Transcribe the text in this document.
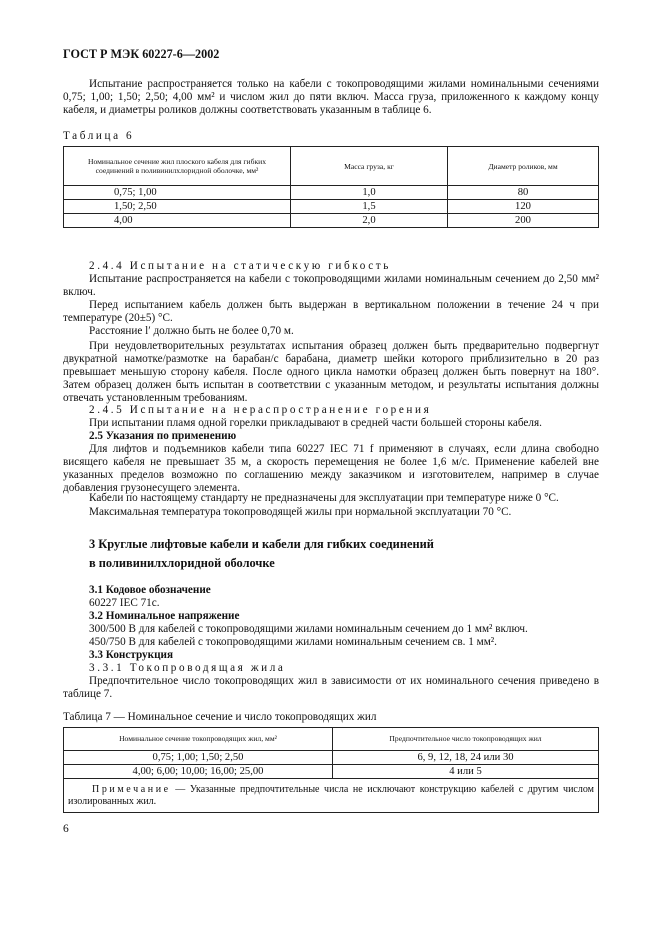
ГОСТ Р МЭК 60227-6—2002
Испытание распространяется только на кабели с токопроводящими жилами номинальными сечениями 0,75; 1,00; 1,50; 2,50; 4,00 мм² и числом жил до пяти включ. Масса груза, приложенного к каждому концу кабеля, и диаметры роликов должны соответствовать указанным в таблице 6.
Таблица 6
Номинальное сечение жил плоского кабеля для гибких соединений в поливинилхлоридной оболочке, мм²	Масса груза, кг	Диаметр роликов, мм
0,75; 1,00	1,0	80
1,50; 2,50	1,5	120
4,00	2,0	200
2.4.4 Испытание на статическую гибкость
Испытание распространяется на кабели с токопроводящими жилами номинальным сечением до 2,50 мм² включ.
Перед испытанием кабель должен быть выдержан в вертикальном положении в течение 24 ч при температуре (20±5) °С.
Расстояние l′ должно быть не более 0,70 м.
При неудовлетворительных результатах испытания образец должен быть предварительно подвергнут двукратной намотке/размотке на барабан/с барабана, диаметр шейки которого приблизительно в 20 раз превышает меньшую сторону кабеля. После одного цикла намотки образец должен быть повернут на 180°. Затем образец должен быть испытан в соответствии с указанным методом, и результаты испытания должны отвечать установленным требованиям.
2.4.5 Испытание на нераспространение горения
При испытании пламя одной горелки прикладывают в средней части большей стороны кабеля.
2.5 Указания по применению
Для лифтов и подъемников кабели типа 60227 IEC 71 f применяют в случаях, если длина свободно висящего кабеля не превышает 35 м, а скорость перемещения не более 1,6 м/с. Применение кабелей вне указанных пределов возможно по соглашению между заказчиком и изготовителем, например в случае добавления грузонесущего элемента.
Кабели по настоящему стандарту не предназначены для эксплуатации при температуре ниже 0 °С.
Максимальная температура токопроводящей жилы при нормальной эксплуатации 70 °С.
3 Круглые лифтовые кабели и кабели для гибких соединений
в поливинилхлоридной оболочке
3.1 Кодовое обозначение
60227 IEC 71c.
3.2 Номинальное напряжение
300/500 В для кабелей с токопроводящими жилами номинальным сечением до 1 мм² включ.
450/750 В для кабелей с токопроводящими жилами номинальным сечением св. 1 мм².
3.3 Конструкция
3.3.1 Токопроводящая жила
Предпочтительное число токопроводящих жил в зависимости от их номинального сечения приведено в таблице 7.
Таблица 7 — Номинальное сечение и число токопроводящих жил
Номинальное сечение токопроводящих жил, мм²	Предпочтительное число токопроводящих жил
0,75; 1,00; 1,50; 2,50	6, 9, 12, 18, 24 или 30
4,00; 6,00; 10,00; 16,00; 25,00	4 или 5
Примечание — Указанные предпочтительные числа не исключают конструкцию кабелей с другим числом изолированных жил.	
6
